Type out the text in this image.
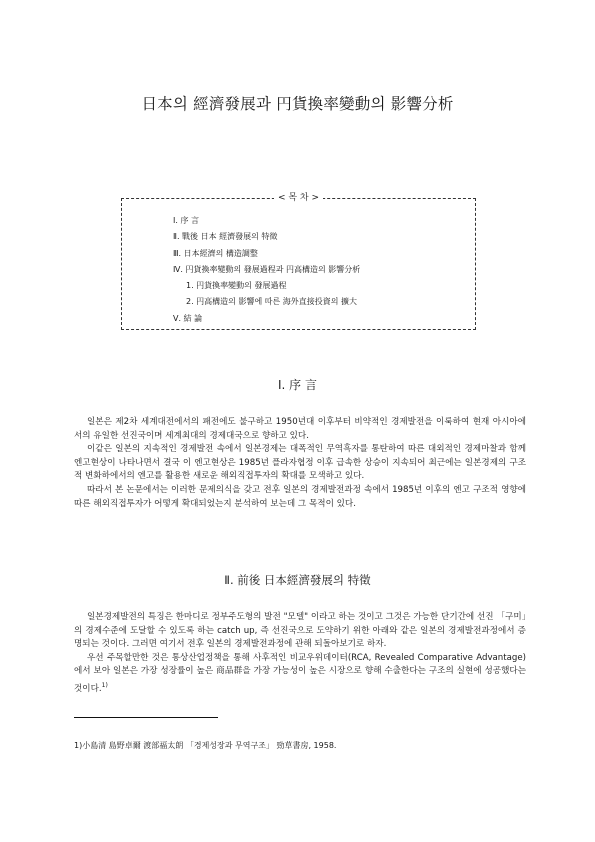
日本의 經濟發展과 円貨換率變動의 影響分析
< 목 차 >
Ⅰ. 序 言
Ⅱ. 戰後 日本 經濟發展의 特徵
Ⅲ. 日本經濟의 構造調整
Ⅳ. 円貨換率變動의 發展過程과 円高構造의 影響分析
1. 円貨換率變動의 發展過程
2. 円高構造의 影響에 따른 海外直接投資의 擴大
Ⅴ. 結 論
Ⅰ. 序 言

일본은 제2차 세계대전에서의 패전에도 불구하고 1950년대 이후부터 비약적인 경제발전을 이룩하여 현재 아시아에서의 유일한 선진국이며 세계최대의 경제대국으로 향하고 있다.

이같은 일본의 지속적인 경제발전 속에서 일본경제는 대폭적인 무역흑자를 통탄하여 따른 대외적인 경제마찰과 함께 엔고현상이 나타나면서 결국 이 엔고현상은 1985년 플라자협정 이후 급속한 상승이 지속되어 최근에는 일본경제의 구조적 변화하에서의 엔고를 활용한 새로운 해외직접투자의 확대를 모색하고 있다.

따라서 본 논문에서는 이러한 문제의식을 갖고 전후 일본의 경제발전과정 속에서 1985년 이후의 엔고 구조적 영향에 따른 해외직접투자가 어떻게 확대되었는지 분석하여 보는데 그 목적이 있다.

Ⅱ. 前後 日本經濟發展의 特徵

일본경제발전의 특징은 한마디로 정부주도형의 발전 "모델" 이라고 하는 것이고 그것은 가능한 단기간에 선진 「구미」의 경제수준에 도달할 수 있도록 하는 catch up, 즉 선진국으로 도약하기 위한 아래와 같은 일본의 경제발전과정에서 증명되는 것이다. 그러면 여기서 전후 일본의 경제발전과정에 관해 되돌아보기로 하자.

우선 주목할만한 것은 통상산업정책을 통해 사후적인 비교우위데이터(RCA, Revealed Comparative Advantage)에서 보아 일본은 가장 성장률이 높은 商品群을 가장 가능성이 높은 시장으로 향해 수출한다는 구조의 실현에 성공했다는 것이다.$^{1)}$

1)小島清 島野卓爾 渡部福太朗 「경제성장과 무역구조」 勁草書房, 1958.
